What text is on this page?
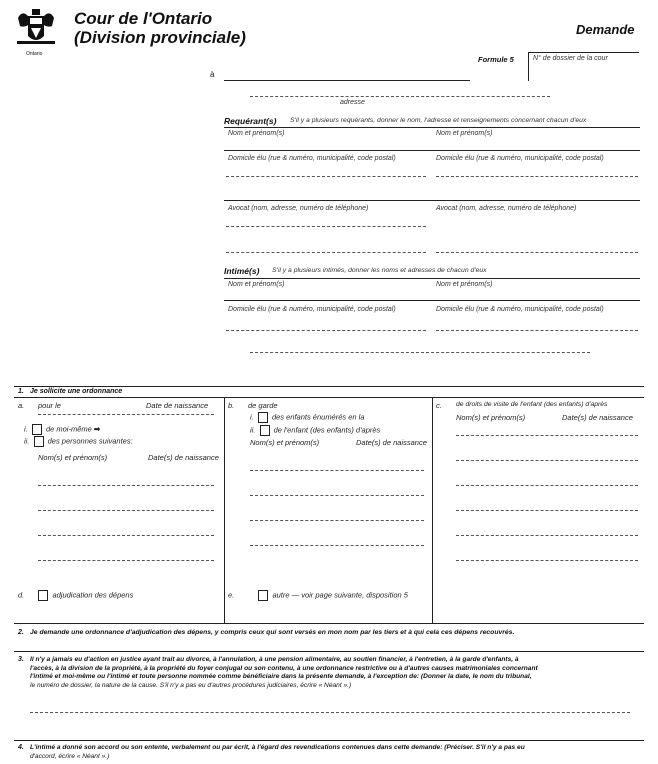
Ontario
Cour de l'Ontario
(Division provinciale)	Demande
Formule 5	N° de dossier de la cour
à
adresse
Requérant(s) S'il y a plusieurs requérants, donner le nom, l'adresse et renseignements concernant chacun d'eux
Nom et prénom(s)	Nom et prénom(s)
Domicile élu (rue & numéro, municipalité, code postal)	Domicile élu (rue & numéro, municipalité, code postal)
Avocat (nom, adresse, numéro de téléphone)	Avocat (nom, adresse, numéro de téléphone)
Intimé(s) S'il y a plusieurs intimés, donner les noms et adresses de chacun d'eux
Nom et prénom(s)	Nom et prénom(s)
Domicile élu (rue & numéro, municipalité, code postal)	Domicile élu (rue & numéro, municipalité, code postal)
1. Je sollicite une ordonnance
a. pour le	Date de naissance
i. de moi-même ➡
ii. des personnes suivantes:
Nom(s) et prénom(s)	Date(s) de naissance
b. de garde
i. des enfants énumérés en la
ii. de l'enfant (des enfants) d'après
Nom(s) et prénom(s)	Date(s) de naissance
c. de droits de visite de l'enfant (des enfants) d'après
Nom(s) et prénom(s)	Date(s) de naissance
d.	adjudication des dépens	e.	autre — voir page suivante, disposition 5
2. Je demande une ordonnance d'adjudication des dépens, y compris ceux qui sont versés en mon nom par les tiers et à qui cela ces dépens recouvrés.
3. Il n'y a jamais eu d'action en justice ayant trait au divorce, à l'annulation, à une pension alimentaire, au soutien financier, à l'entretien, à la garde d'enfants, à
l'accès, à la division de la propriété, à la propriété du foyer conjugal ou son contenu, à une ordonnance restrictive ou à d'autres causes matrimoniales concernant
l'intimé et moi-même ou l'intimé et toute personne nommée comme bénéficiaire dans la présente demande, à l'exception de: (Donner la date, le nom du tribunal,
le numéro de dossier, la nature de la cause. S'il n'y a pas eu d'autres procédures judiciaires, écrire « Néant ».)
4. L'intimé a donné son accord ou son entente, verbalement ou par écrit, à l'égard des revendications contenues dans cette demande: (Préciser. S'il n'y a pas eu
d'accord, écrire « Néant ».)
